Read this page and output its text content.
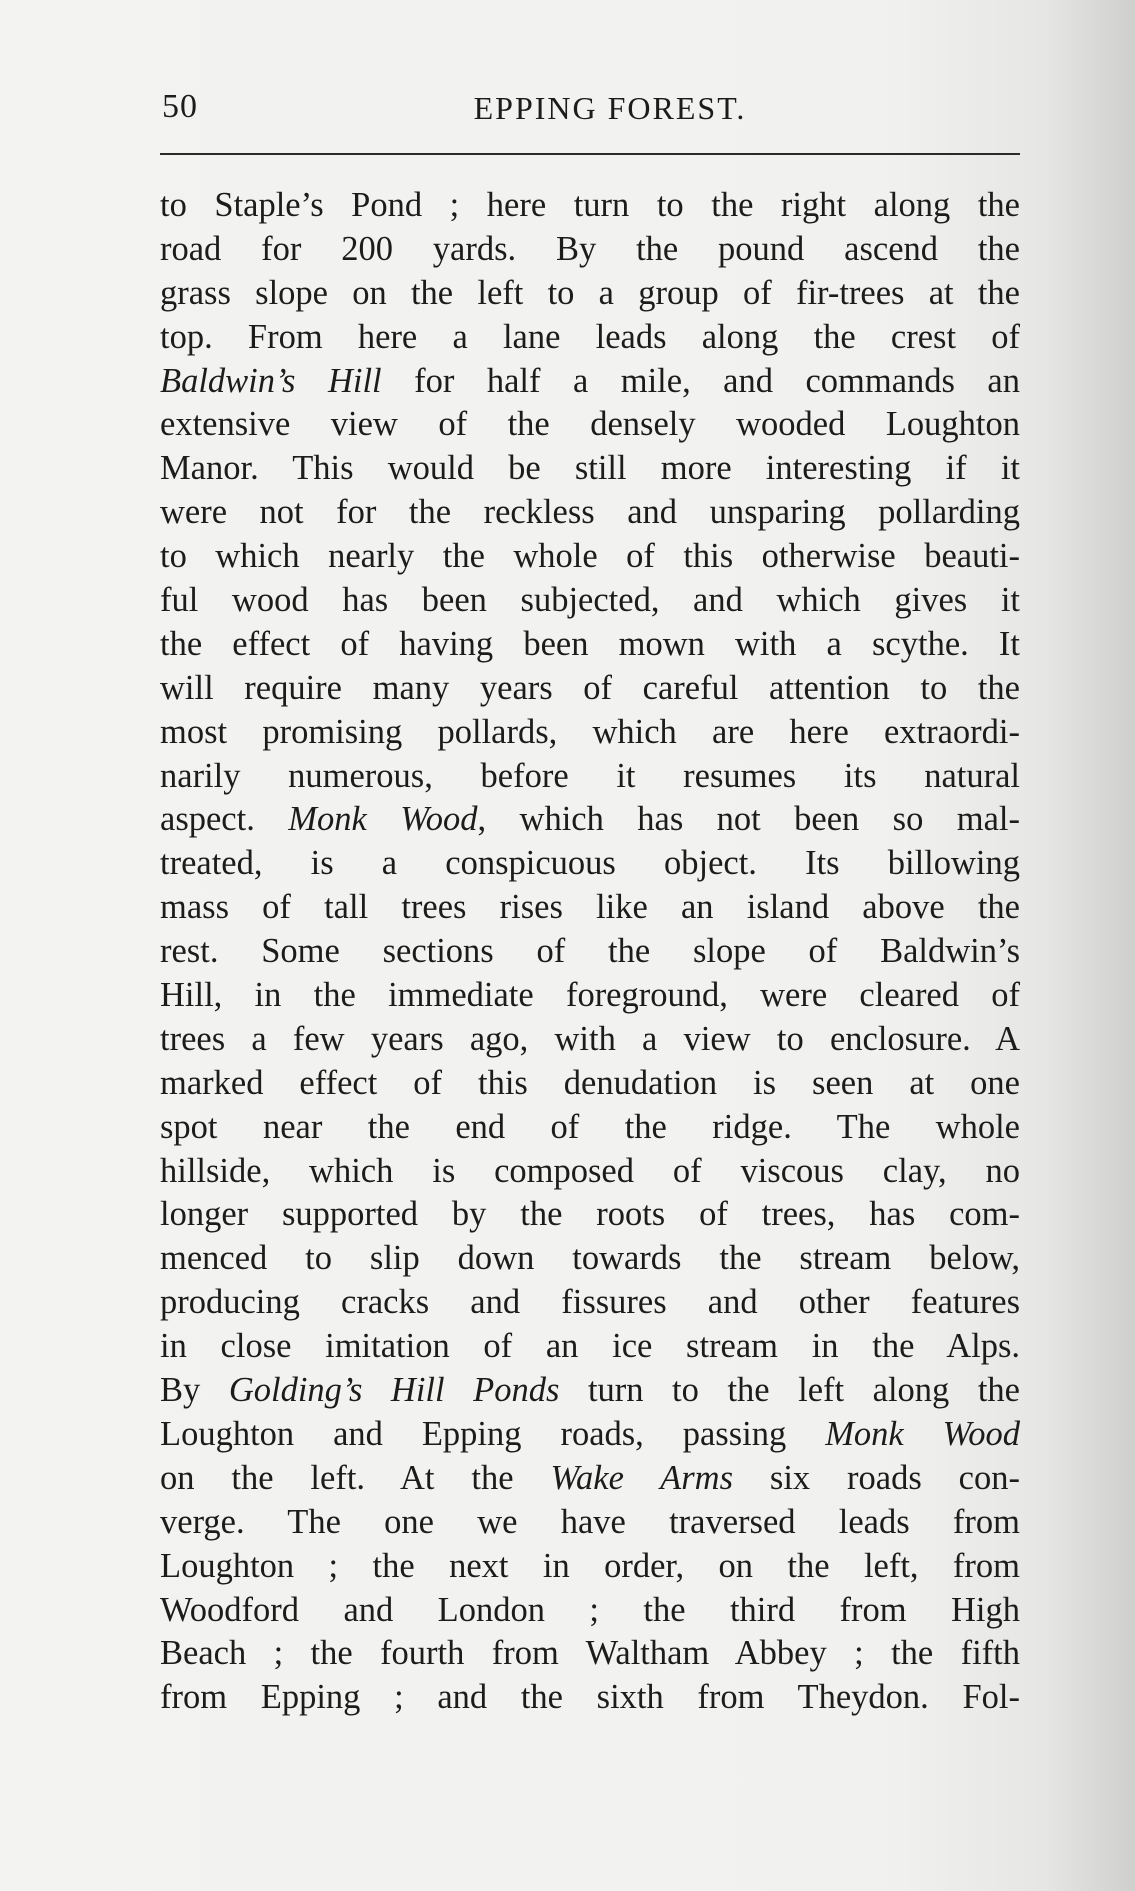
50	EPPING FOREST.
to Staple’s Pond ; here turn to the right along the
road for 200 yards. By the pound ascend the
grass slope on the left to a group of fir-trees at the
top. From here a lane leads along the crest of
Baldwin’s Hill for half a mile, and commands an
extensive view of the densely wooded Loughton
Manor. This would be still more interesting if it
were not for the reckless and unsparing pollarding
to which nearly the whole of this otherwise beauti-
ful wood has been subjected, and which gives it
the effect of having been mown with a scythe. It
will require many years of careful attention to the
most promising pollards, which are here extraordi-
narily numerous, before it resumes its natural
aspect. Monk Wood, which has not been so mal-
treated, is a conspicuous object. Its billowing
mass of tall trees rises like an island above the
rest. Some sections of the slope of Baldwin’s
Hill, in the immediate foreground, were cleared of
trees a few years ago, with a view to enclosure. A
marked effect of this denudation is seen at one
spot near the end of the ridge. The whole
hillside, which is composed of viscous clay, no
longer supported by the roots of trees, has com-
menced to slip down towards the stream below,
producing cracks and fissures and other features
in close imitation of an ice stream in the Alps.
By Golding’s Hill Ponds turn to the left along the
Loughton and Epping roads, passing Monk Wood
on the left. At the Wake Arms six roads con-
verge. The one we have traversed leads from
Loughton ; the next in order, on the left, from
Woodford and London ; the third from High
Beach ; the fourth from Waltham Abbey ; the fifth
from Epping ; and the sixth from Theydon. Fol-
